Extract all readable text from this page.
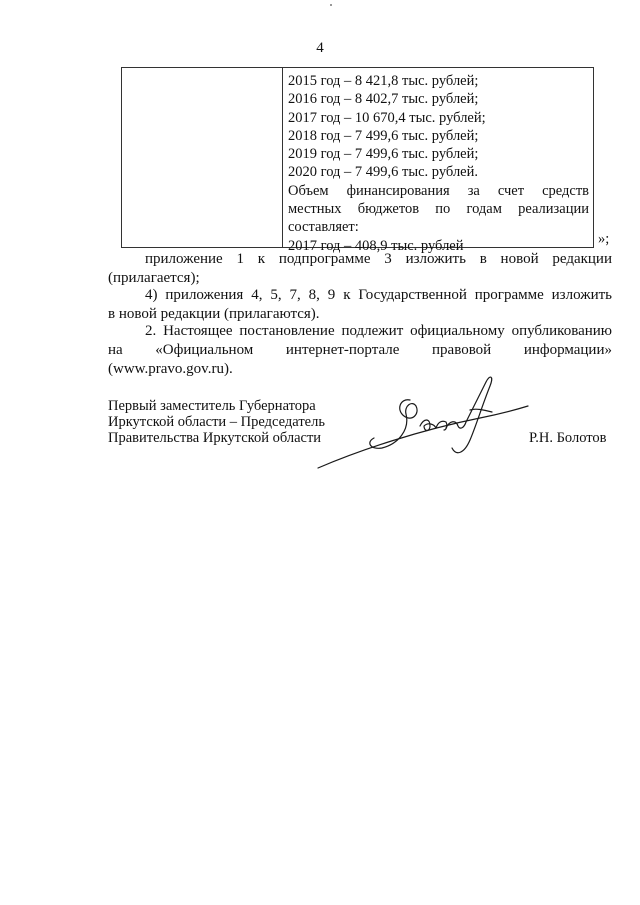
4
2015 год – 8 421,8 тыс. рублей;
2016 год – 8 402,7 тыс. рублей;
2017 год – 10 670,4 тыс. рублей;
2018 год – 7 499,6 тыс. рублей;
2019 год – 7 499,6 тыс. рублей;
2020 год – 7 499,6 тыс. рублей.
Объем финансирования за счет средств
местных бюджетов по годам реализации
составляет:
2017 год – 408,9 тыс. рублей	»;
приложение 1 к подпрограмме 3 изложить в новой редакции
(прилагается);
4) приложения 4, 5, 7, 8, 9 к Государственной программе изложить
в новой редакции (прилагаются).
2. Настоящее постановление подлежит официальному опубликованию
на «Официальном интернет-портале правовой информации»
(www.pravo.gov.ru).
Первый заместитель Губернатора
Иркутской области – Председатель
Правительства Иркутской области	Р.Н. Болотов
